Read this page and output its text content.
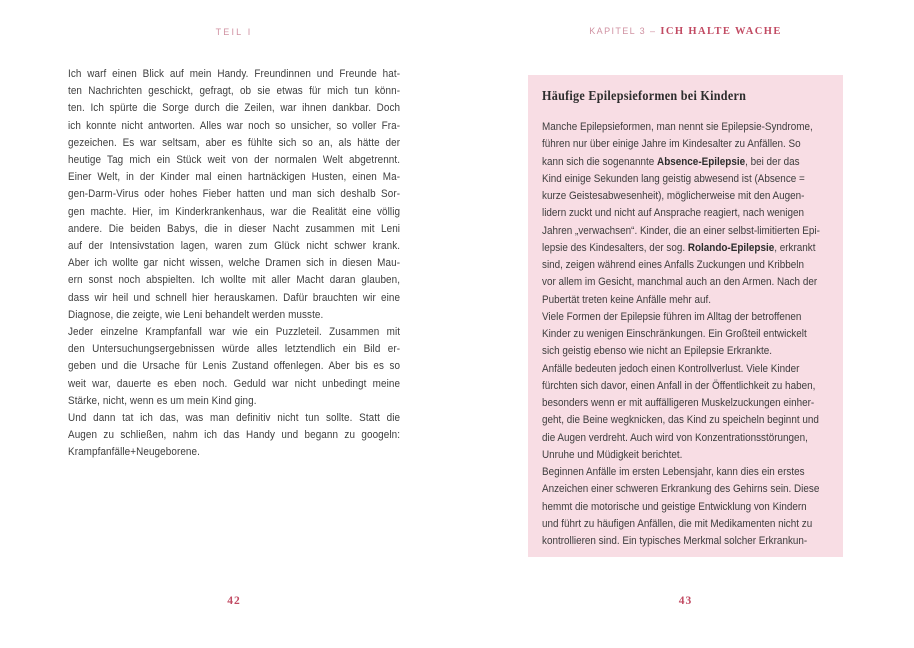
TEIL I	KAPITEL 3 – ICH HALTE WACHE
Ich warf einen Blick auf mein Handy. Freundinnen und Freunde hat-
ten Nachrichten geschickt, gefragt, ob sie etwas für mich tun könn-
ten. Ich spürte die Sorge durch die Zeilen, war ihnen dankbar. Doch
ich konnte nicht antworten. Alles war noch so unsicher, so voller Fra-
gezeichen. Es war seltsam, aber es fühlte sich so an, als hätte der
heutige Tag mich ein Stück weit von der normalen Welt abgetrennt.
Einer Welt, in der Kinder mal einen hartnäckigen Husten, einen Ma-
gen-Darm-Virus oder hohes Fieber hatten und man sich deshalb Sor-
gen machte. Hier, im Kinderkrankenhaus, war die Realität eine völlig
andere. Die beiden Babys, die in dieser Nacht zusammen mit Leni
auf der Intensivstation lagen, waren zum Glück nicht schwer krank.
Aber ich wollte gar nicht wissen, welche Dramen sich in diesen Mau-
ern sonst noch abspielten. Ich wollte mit aller Macht daran glauben,
dass wir heil und schnell hier herauskamen. Dafür brauchten wir eine
Diagnose, die zeigte, wie Leni behandelt werden musste.
Jeder einzelne Krampfanfall war wie ein Puzzleteil. Zusammen mit
den Untersuchungsergebnissen würde alles letztendlich ein Bild er-
geben und die Ursache für Lenis Zustand offenlegen. Aber bis es so
weit war, dauerte es eben noch. Geduld war nicht unbedingt meine
Stärke, nicht, wenn es um mein Kind ging.
Und dann tat ich das, was man definitiv nicht tun sollte. Statt die
Augen zu schließen, nahm ich das Handy und begann zu googeln:
Krampfanfälle+Neugeborene.
Häufige Epilepsieformen bei Kindern
Manche Epilepsieformen, man nennt sie Epilepsie-Syndrome,
führen nur über einige Jahre im Kindesalter zu Anfällen. So
kann sich die sogenannte Absence-Epilepsie, bei der das
Kind einige Sekunden lang geistig abwesend ist (Absence =
kurze Geistesabwesenheit), möglicherweise mit den Augen-
lidern zuckt und nicht auf Ansprache reagiert, nach wenigen
Jahren „verwachsen“. Kinder, die an einer selbst-limitierten Epi-
lepsie des Kindesalters, der sog. Rolando-Epilepsie, erkrankt
sind, zeigen während eines Anfalls Zuckungen und Kribbeln
vor allem im Gesicht, manchmal auch an den Armen. Nach der
Pubertät treten keine Anfälle mehr auf.
Viele Formen der Epilepsie führen im Alltag der betroffenen
Kinder zu wenigen Einschränkungen. Ein Großteil entwickelt
sich geistig ebenso wie nicht an Epilepsie Erkrankte.
Anfälle bedeuten jedoch einen Kontrollverlust. Viele Kinder
fürchten sich davor, einen Anfall in der Öffentlichkeit zu haben,
besonders wenn er mit auffälligeren Muskelzuckungen einher-
geht, die Beine wegknicken, das Kind zu speicheln beginnt und
die Augen verdreht. Auch wird von Konzentrationsstörungen,
Unruhe und Müdigkeit berichtet.
Beginnen Anfälle im ersten Lebensjahr, kann dies ein erstes
Anzeichen einer schweren Erkrankung des Gehirns sein. Diese
hemmt die motorische und geistige Entwicklung von Kindern
und führt zu häufigen Anfällen, die mit Medikamenten nicht zu
kontrollieren sind. Ein typisches Merkmal solcher Erkrankun-
42	43
